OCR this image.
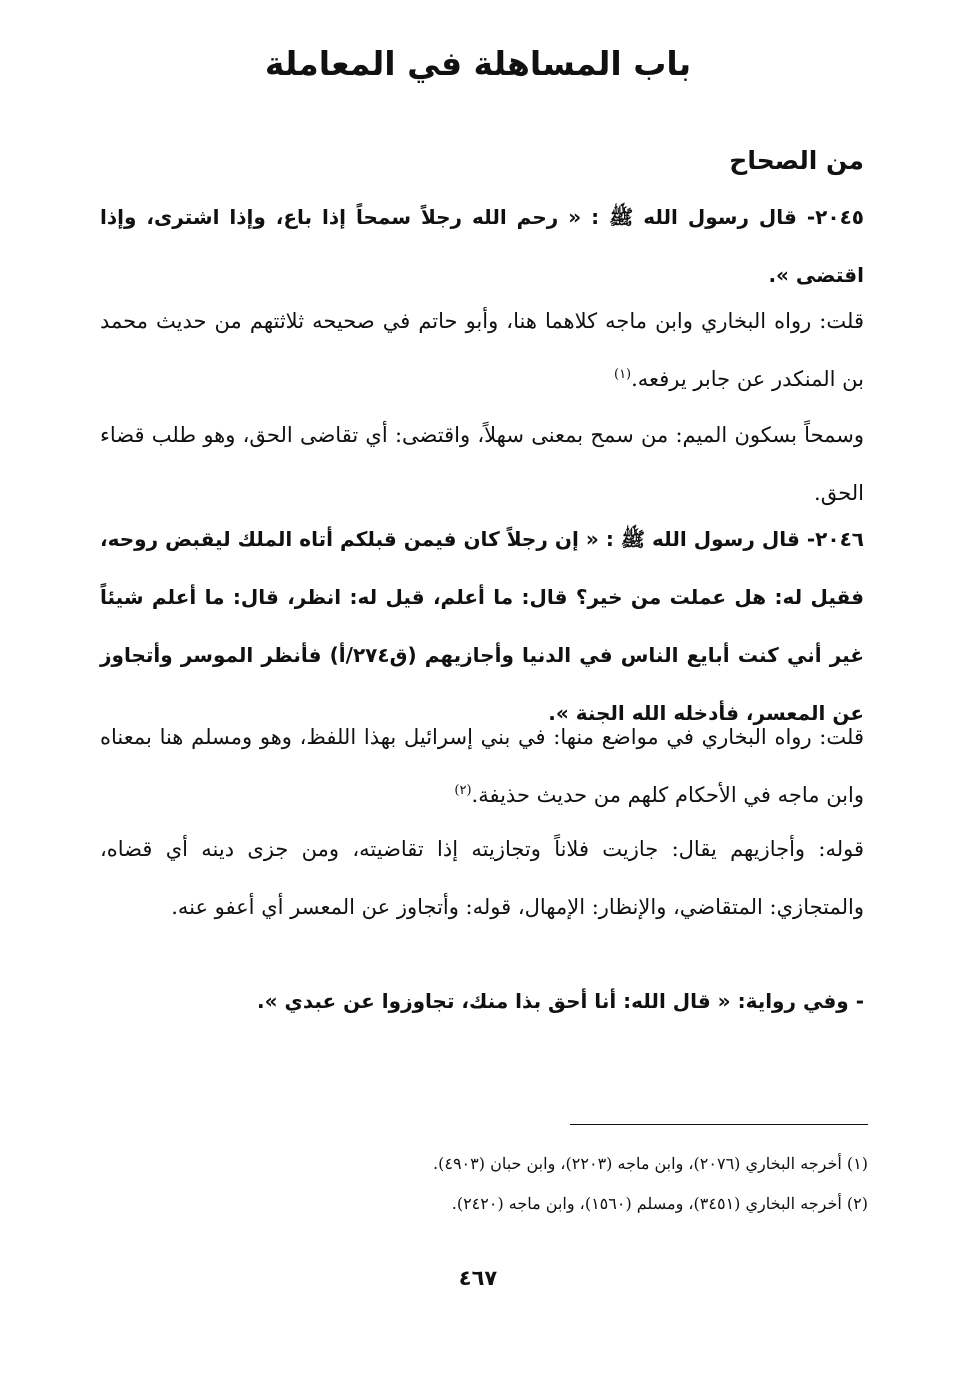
باب المساهلة في المعاملة
من الصحاح

٢٠٤٥- قال رسول الله ﷺ : « رحم الله رجلاً سمحاً إذا باع، وإذا اشترى، وإذا اقتضى ».

قلت: رواه البخاري وابن ماجه كلاهما هنا، وأبو حاتم في صحيحه ثلاثتهم من حديث محمد بن المنكدر عن جابر يرفعه.$^{(١)}$

وسمحاً بسكون الميم: من سمح بمعنى سهلاً، واقتضى: أي تقاضى الحق، وهو طلب قضاء الحق.

٢٠٤٦- قال رسول الله ﷺ : « إن رجلاً كان فيمن قبلكم أتاه الملك ليقبض روحه، فقيل له: هل عملت من خير؟ قال: ما أعلم، قيل له: انظر، قال: ما أعلم شيئاً غير أني كنت أبايع الناس في الدنيا وأجازيهم (ق٢٧٤/أ) فأنظر الموسر وأتجاوز عن المعسر، فأدخله الله الجنة ».

قلت: رواه البخاري في مواضع منها: في بني إسرائيل بهذا اللفظ، وهو ومسلم هنا بمعناه وابن ماجه في الأحكام كلهم من حديث حذيفة.$^{(٢)}$

قوله: وأجازيهم يقال: جازيت فلاناً وتجازيته إذا تقاضيته، ومن جزى دينه أي قضاه، والمتجازي: المتقاضي، والإنظار: الإمهال، قوله: وأتجاوز عن المعسر أي أعفو عنه.

- وفي رواية: « قال الله: أنا أحق بذا منك، تجاوزوا عن عبدي ».

(١) أخرجه البخاري (٢٠٧٦)، وابن ماجه (٢٢٠٣)، وابن حبان (٤٩٠٣).

(٢) أخرجه البخاري (٣٤٥١)، ومسلم (١٥٦٠)، وابن ماجه (٢٤٢٠).

٤٦٧
